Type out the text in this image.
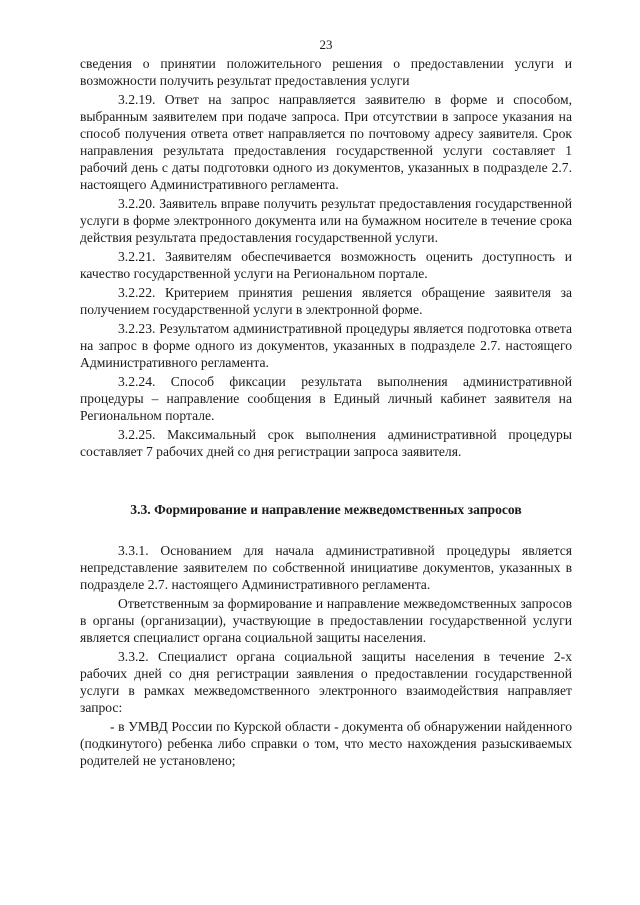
23

сведения о принятии положительного решения о предоставлении услуги и возможности получить результат предоставления услуги

3.2.19. Ответ на запрос направляется заявителю в форме и способом, выбранным заявителем при подаче запроса. При отсутствии в запросе указания на способ получения ответа ответ направляется по почтовому адресу заявителя. Срок направления результата предоставления государственной услуги составляет 1 рабочий день с даты подготовки одного из документов, указанных в подразделе 2.7. настоящего Административного регламента.

3.2.20. Заявитель вправе получить результат предоставления государственной услуги в форме электронного документа или на бумажном носителе в течение срока действия результата предоставления государственной услуги.

3.2.21. Заявителям обеспечивается возможность оценить доступность и качество государственной услуги на Региональном портале.

3.2.22. Критерием принятия решения является обращение заявителя за получением государственной услуги в электронной форме.

3.2.23. Результатом административной процедуры является подготовка ответа на запрос в форме одного из документов, указанных в подразделе 2.7. настоящего Административного регламента.

3.2.24. Способ фиксации результата выполнения административной процедуры – направление сообщения в Единый личный кабинет заявителя на Региональном портале.

3.2.25. Максимальный срок выполнения административной процедуры составляет 7 рабочих дней со дня регистрации запроса заявителя.

3.3. Формирование и направление межведомственных запросов

3.3.1. Основанием для начала административной процедуры является непредставление заявителем по собственной инициативе документов, указанных в подразделе 2.7. настоящего Административного регламента.

Ответственным за формирование и направление межведомственных запросов в органы (организации), участвующие в предоставлении государственной услуги является специалист органа социальной защиты населения.

3.3.2. Специалист органа социальной защиты населения в течение 2-х рабочих дней со дня регистрации заявления о предоставлении государственной услуги в рамках межведомственного электронного взаимодействия направляет запрос:

- в УМВД России по Курской области - документа об обнаружении найденного (подкинутого) ребенка либо справки о том, что место нахождения разыскиваемых родителей не установлено;
